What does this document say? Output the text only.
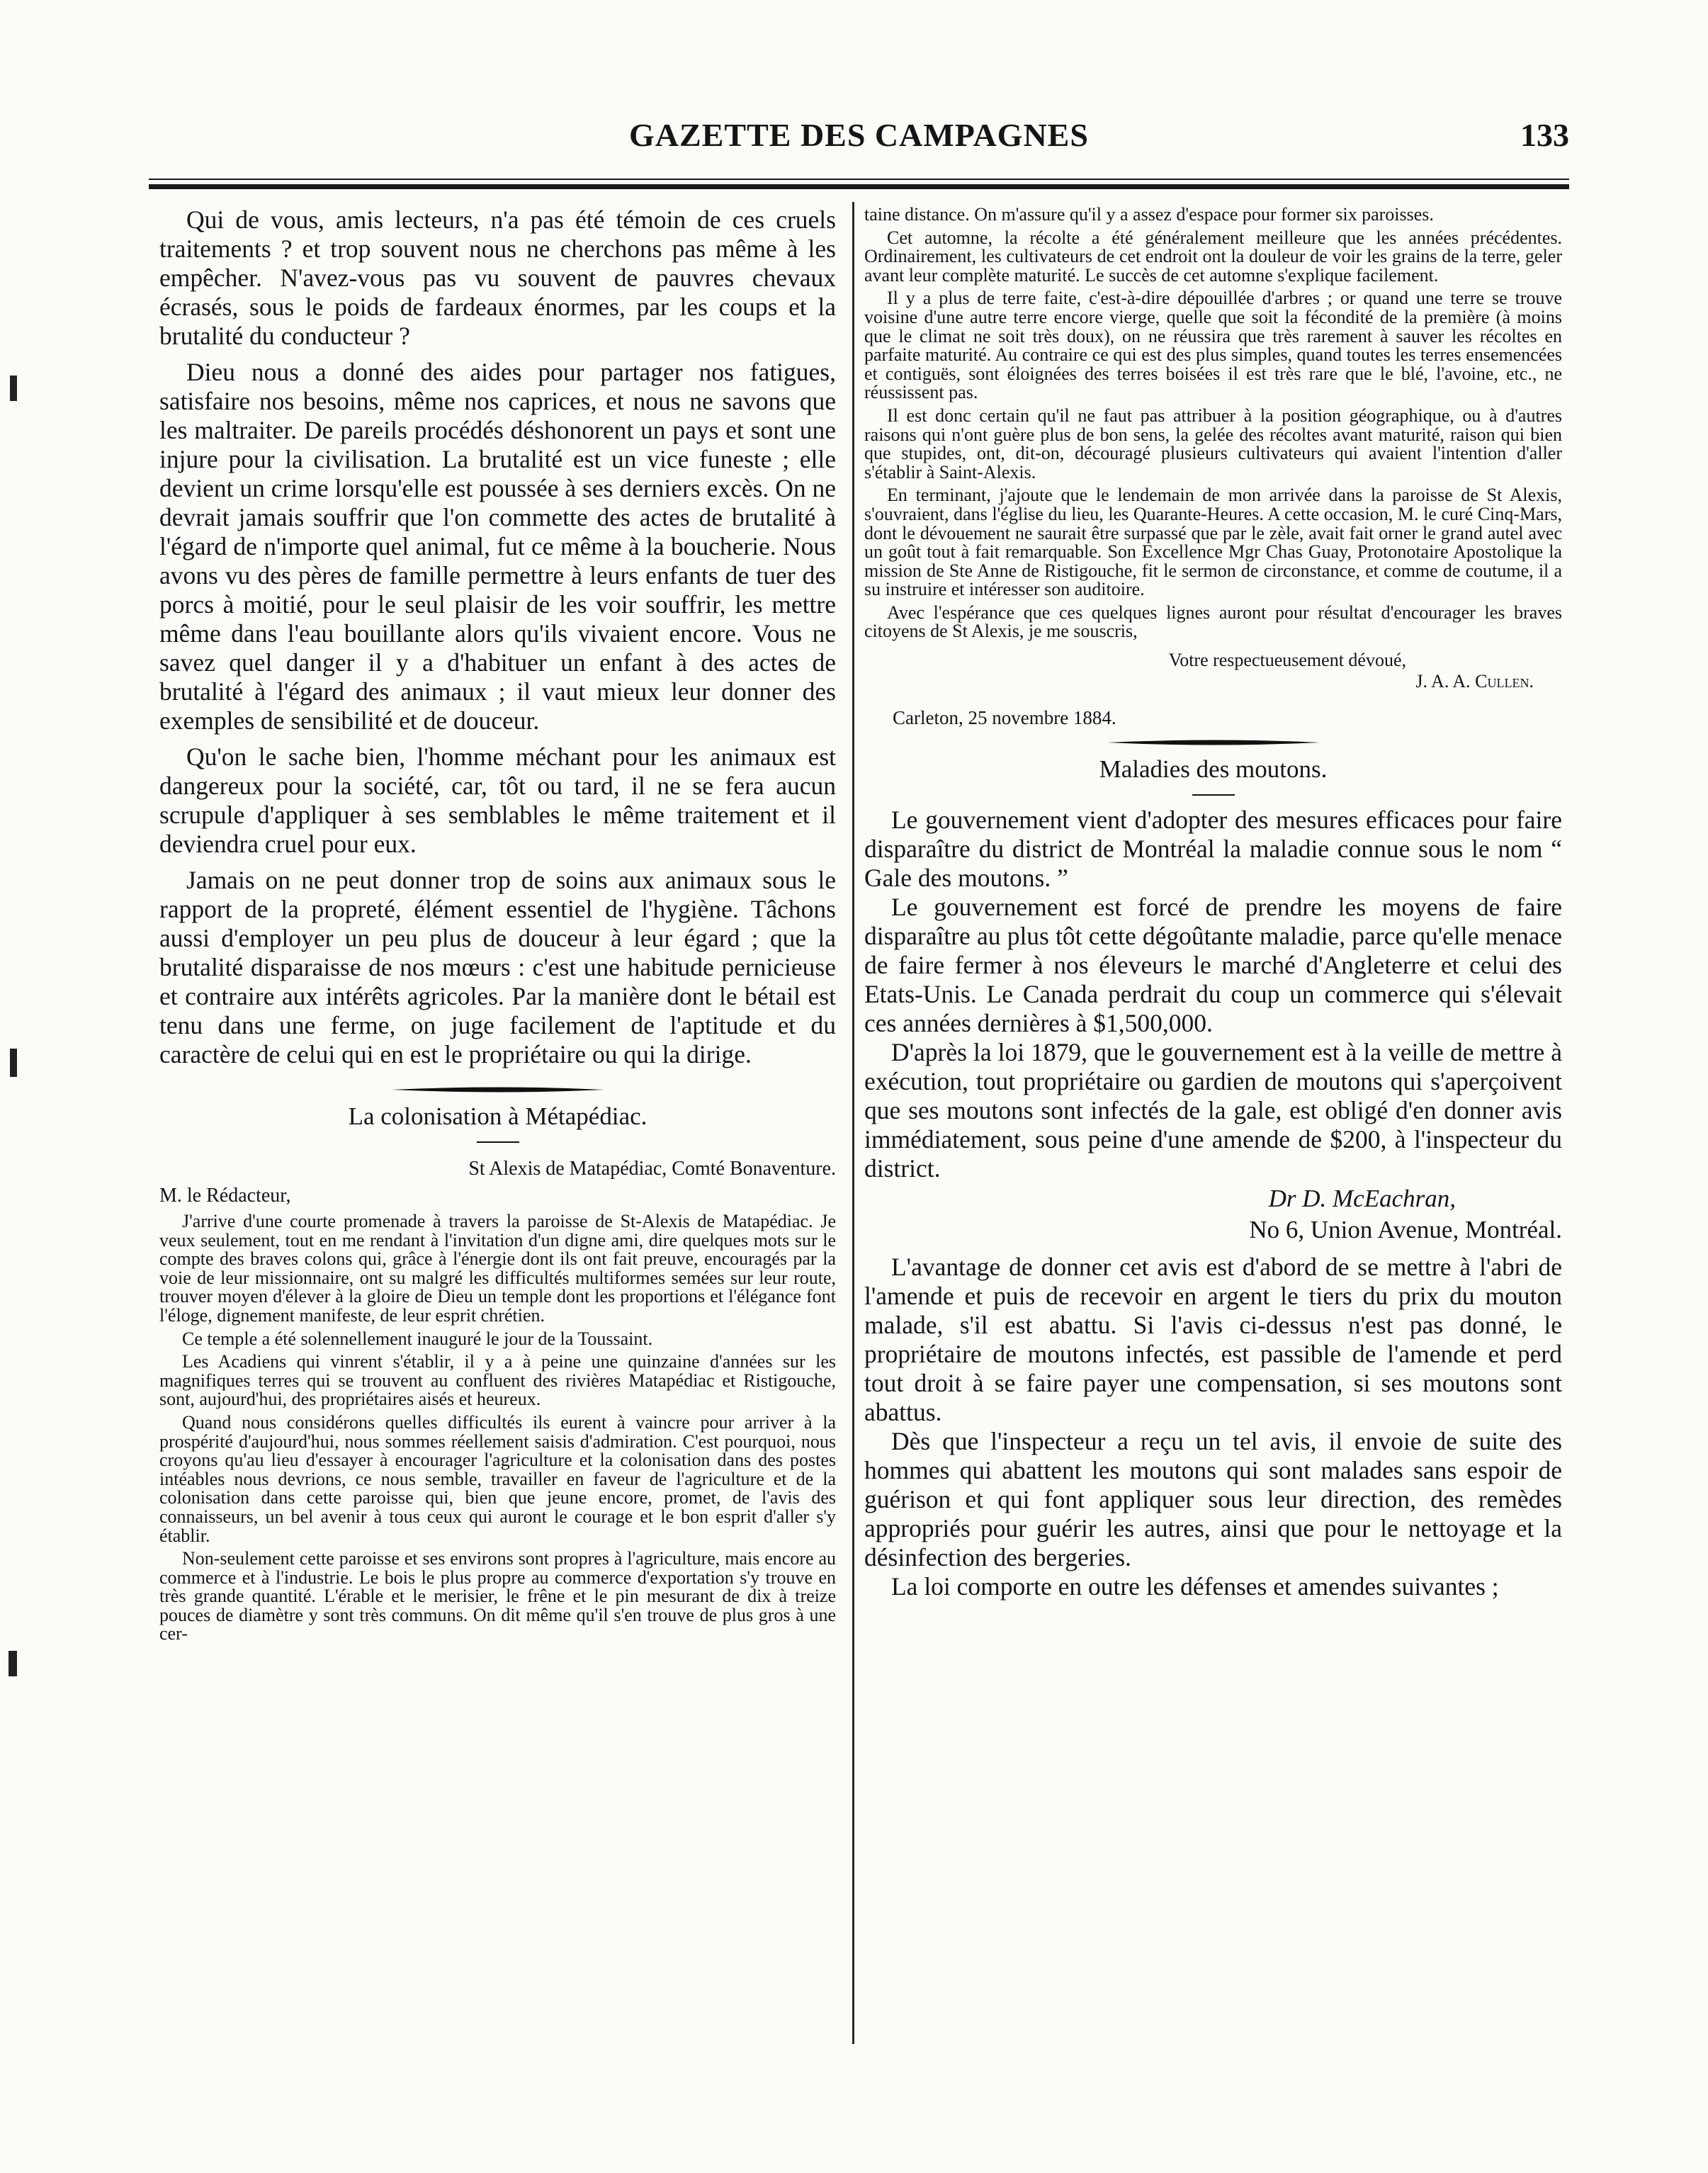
GAZETTE DES CAMPAGNES	133

Qui de vous, amis lecteurs, n'a pas été témoin de ces cruels traitements ? et trop souvent nous ne cherchons pas même à les empêcher. N'avez-vous pas vu souvent de pauvres chevaux écrasés, sous le poids de fardeaux énormes, par les coups et la brutalité du conducteur ?

Dieu nous a donné des aides pour partager nos fatigues, satisfaire nos besoins, même nos caprices, et nous ne savons que les maltraiter. De pareils procédés déshonorent un pays et sont une injure pour la civilisation. La brutalité est un vice funeste ; elle devient un crime lorsqu'elle est poussée à ses derniers excès. On ne devrait jamais souffrir que l'on commette des actes de brutalité à l'égard de n'importe quel animal, fut ce même à la boucherie. Nous avons vu des pères de famille permettre à leurs enfants de tuer des porcs à moitié, pour le seul plaisir de les voir souffrir, les mettre même dans l'eau bouillante alors qu'ils vivaient encore. Vous ne savez quel danger il y a d'habituer un enfant à des actes de brutalité à l'égard des animaux ; il vaut mieux leur donner des exemples de sensibilité et de douceur.

Qu'on le sache bien, l'homme méchant pour les animaux est dangereux pour la société, car, tôt ou tard, il ne se fera aucun scrupule d'appliquer à ses semblables le même traitement et il deviendra cruel pour eux.

Jamais on ne peut donner trop de soins aux animaux sous le rapport de la propreté, élément essentiel de l'hygiène. Tâchons aussi d'employer un peu plus de douceur à leur égard ; que la brutalité disparaisse de nos mœurs : c'est une habitude pernicieuse et contraire aux intérêts agricoles. Par la manière dont le bétail est tenu dans une ferme, on juge facilement de l'aptitude et du caractère de celui qui en est le propriétaire ou qui la dirige.

La colonisation à Métapédiac.
St Alexis de Matapédiac, Comté Bonaventure.
M. le Rédacteur,

J'arrive d'une courte promenade à travers la paroisse de St-Alexis de Matapédiac. Je veux seulement, tout en me rendant à l'invitation d'un digne ami, dire quelques mots sur le compte des braves colons qui, grâce à l'énergie dont ils ont fait preuve, encouragés par la voie de leur missionnaire, ont su malgré les difficultés multiformes semées sur leur route, trouver moyen d'élever à la gloire de Dieu un temple dont les proportions et l'élégance font l'éloge, dignement manifeste, de leur esprit chrétien.

Ce temple a été solennellement inauguré le jour de la Toussaint.

Les Acadiens qui vinrent s'établir, il y a à peine une quinzaine d'années sur les magnifiques terres qui se trouvent au confluent des rivières Matapédiac et Ristigouche, sont, aujourd'hui, des propriétaires aisés et heureux.

Quand nous considérons quelles difficultés ils eurent à vaincre pour arriver à la prospérité d'aujourd'hui, nous sommes réellement saisis d'admiration. C'est pourquoi, nous croyons qu'au lieu d'essayer à encourager l'agriculture et la colonisation dans des postes intéables nous devrions, ce nous semble, travailler en faveur de l'agriculture et de la colonisation dans cette paroisse qui, bien que jeune encore, promet, de l'avis des connaisseurs, un bel avenir à tous ceux qui auront le courage et le bon esprit d'aller s'y établir.

Non-seulement cette paroisse et ses environs sont propres à l'agriculture, mais encore au commerce et à l'industrie. Le bois le plus propre au commerce d'exportation s'y trouve en très grande quantité. L'érable et le merisier, le frêne et le pin mesurant de dix à treize pouces de diamètre y sont très communs. On dit même qu'il s'en trouve de plus gros à une cer-

taine distance. On m'assure qu'il y a assez d'espace pour former six paroisses.

Cet automne, la récolte a été généralement meilleure que les années précédentes. Ordinairement, les cultivateurs de cet endroit ont la douleur de voir les grains de la terre, geler avant leur complète maturité. Le succès de cet automne s'explique facilement.

Il y a plus de terre faite, c'est-à-dire dépouillée d'arbres ; or quand une terre se trouve voisine d'une autre terre encore vierge, quelle que soit la fécondité de la première (à moins que le climat ne soit très doux), on ne réussira que très rarement à sauver les récoltes en parfaite maturité. Au contraire ce qui est des plus simples, quand toutes les terres ensemencées et contiguës, sont éloignées des terres boisées il est très rare que le blé, l'avoine, etc., ne réussissent pas.

Il est donc certain qu'il ne faut pas attribuer à la position géographique, ou à d'autres raisons qui n'ont guère plus de bon sens, la gelée des récoltes avant maturité, raison qui bien que stupides, ont, dit-on, découragé plusieurs cultivateurs qui avaient l'intention d'aller s'établir à Saint-Alexis.

En terminant, j'ajoute que le lendemain de mon arrivée dans la paroisse de St Alexis, s'ouvraient, dans l'église du lieu, les Quarante-Heures. A cette occasion, M. le curé Cinq-Mars, dont le dévouement ne saurait être surpassé que par le zèle, avait fait orner le grand autel avec un goût tout à fait remarquable. Son Excellence Mgr Chas Guay, Protonotaire Apostolique la mission de Ste Anne de Ristigouche, fit le sermon de circonstance, et comme de coutume, il a su instruire et intéresser son auditoire.

Avec l'espérance que ces quelques lignes auront pour résultat d'encourager les braves citoyens de St Alexis, je me souscris,

Votre respectueusement dévoué,
J. A. A. Cullen.
Carleton, 25 novembre 1884.
Maladies des moutons.

Le gouvernement vient d'adopter des mesures efficaces pour faire disparaître du district de Montréal la maladie connue sous le nom “ Gale des moutons. ”

Le gouvernement est forcé de prendre les moyens de faire disparaître au plus tôt cette dégoûtante maladie, parce qu'elle menace de faire fermer à nos éleveurs le marché d'Angleterre et celui des Etats-Unis. Le Canada perdrait du coup un commerce qui s'élevait ces années dernières à $1,500,000.

D'après la loi 1879, que le gouvernement est à la veille de mettre à exécution, tout propriétaire ou gardien de moutons qui s'aperçoivent que ses moutons sont infectés de la gale, est obligé d'en donner avis immédiatement, sous peine d'une amende de $200, à l'inspecteur du district.

Dr D. McEachran,
No 6, Union Avenue, Montréal.

L'avantage de donner cet avis est d'abord de se mettre à l'abri de l'amende et puis de recevoir en argent le tiers du prix du mouton malade, s'il est abattu. Si l'avis ci-dessus n'est pas donné, le propriétaire de moutons infectés, est passible de l'amende et perd tout droit à se faire payer une compensation, si ses moutons sont abattus.

Dès que l'inspecteur a reçu un tel avis, il envoie de suite des hommes qui abattent les moutons qui sont malades sans espoir de guérison et qui font appliquer sous leur direction, des remèdes appropriés pour guérir les autres, ainsi que pour le nettoyage et la désinfection des bergeries.

La loi comporte en outre les défenses et amendes suivantes ;
